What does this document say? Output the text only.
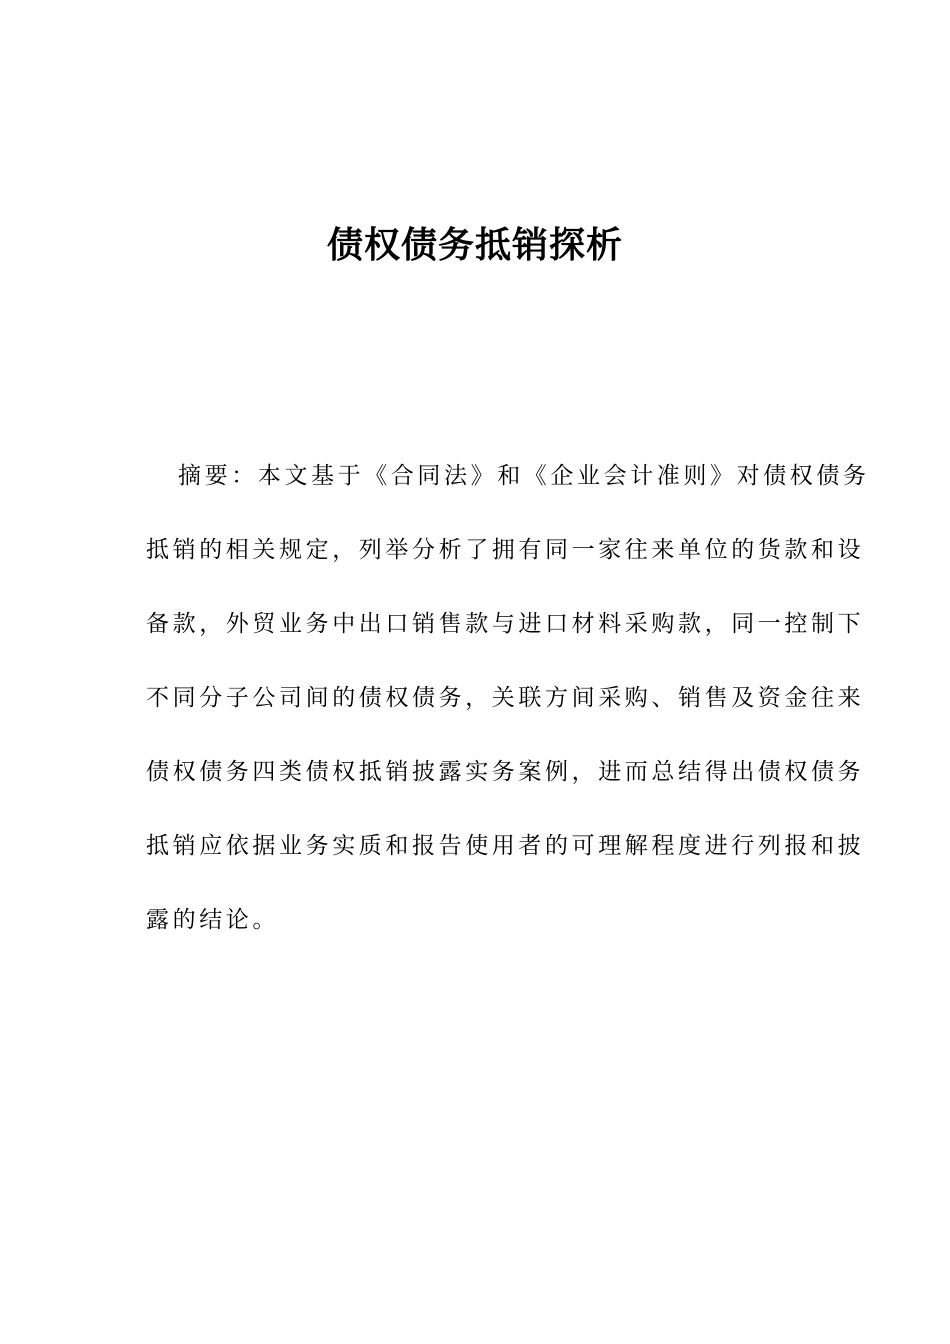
债权债务抵销探析
摘要：本文基于《合同法》和《企业会计准则》对债权债务
抵销的相关规定，列举分析了拥有同一家往来单位的货款和设
备款，外贸业务中出口销售款与进口材料采购款，同一控制下
不同分子公司间的债权债务，关联方间采购、销售及资金往来
债权债务四类债权抵销披露实务案例，进而总结得出债权债务
抵销应依据业务实质和报告使用者的可理解程度进行列报和披
露的结论。
